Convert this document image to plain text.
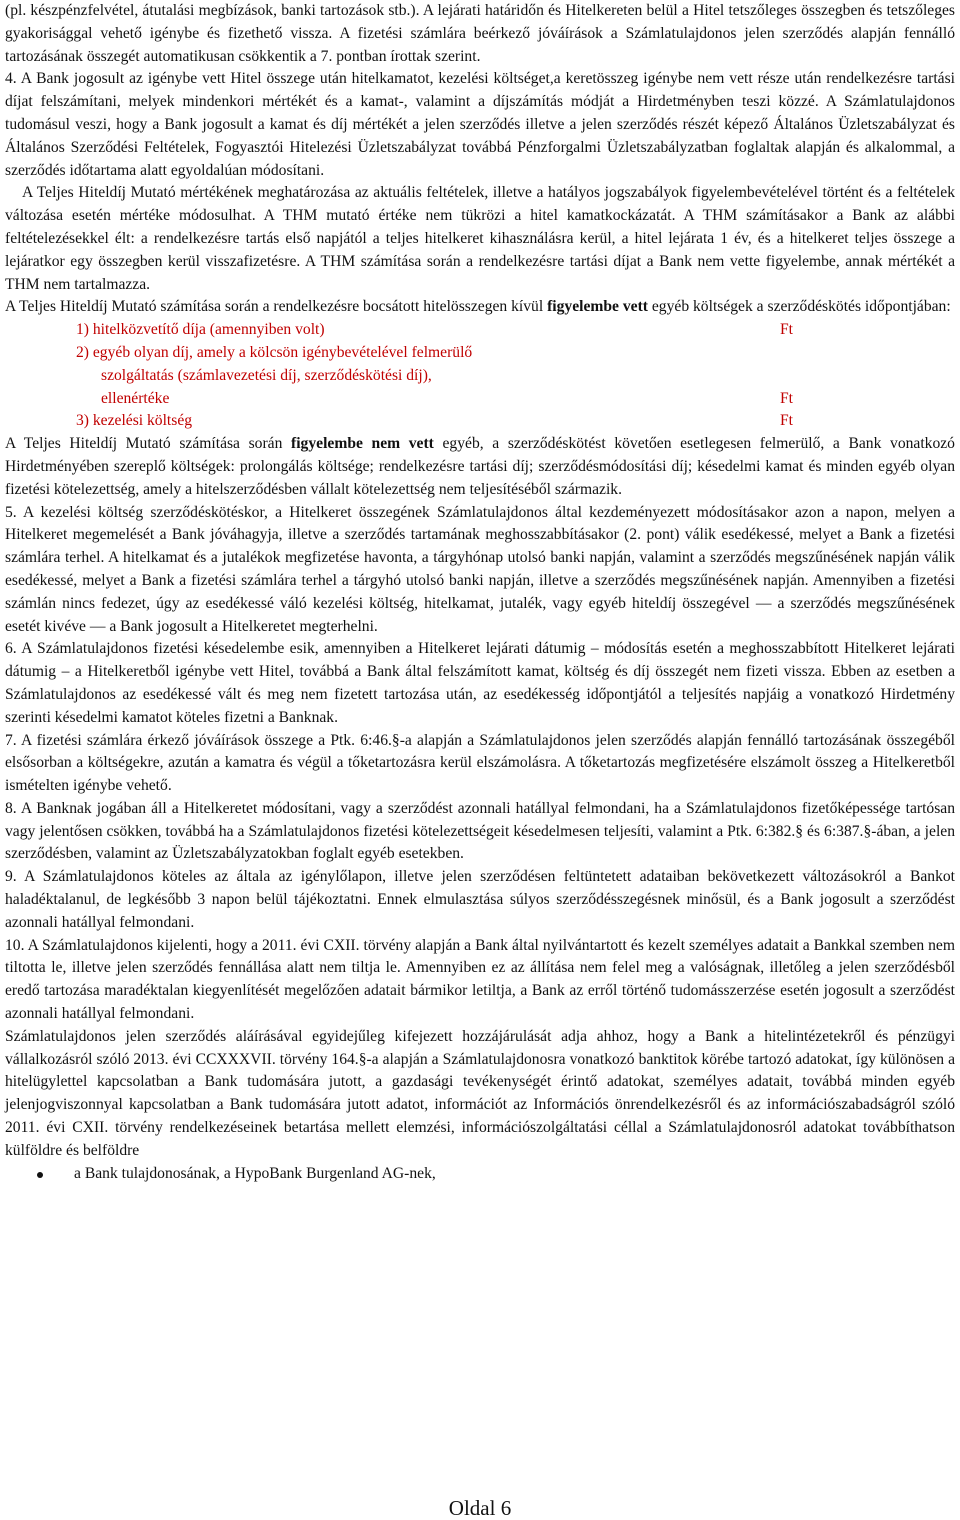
(pl. készpénzfelvétel, átutalási megbízások, banki tartozások stb.). A lejárati határidőn és Hitelkereten belül a Hitel tetszőleges összegben és tetszőleges gyakorisággal vehető igénybe és fizethető vissza. A fizetési számlára beérkező jóváírások a Számlatulajdonos jelen szerződés alapján fennálló tartozásának összegét automatikusan csökkentik a 7. pontban írottak szerint.

4. A Bank jogosult az igénybe vett Hitel összege után hitelkamatot, kezelési költséget,a keretösszeg igénybe nem vett része után rendelkezésre tartási díjat felszámítani, melyek mindenkori mértékét és a kamat-, valamint a díjszámítás módját a Hirdetményben teszi közzé. A Számlatulajdonos tudomásul veszi, hogy a Bank jogosult a kamat és díj mértékét a jelen szerződés illetve a jelen szerződés részét képező Általános Üzletszabályzat és Általános Szerződési Feltételek, Fogyasztói Hitelezési Üzletszabályzat továbbá Pénzforgalmi Üzletszabályzatban foglaltak alapján és alkalommal, a szerződés időtartama alatt egyoldalúan módosítani.

A Teljes Hiteldíj Mutató mértékének meghatározása az aktuális feltételek, illetve a hatályos jogszabályok figyelembevételével történt és a feltételek változása esetén mértéke módosulhat. A THM mutató értéke nem tükrözi a hitel kamatkockázatát. A THM számításakor a Bank az alábbi feltételezésekkel élt: a rendelkezésre tartás első napjától a teljes hitelkeret kihasználásra kerül, a hitel lejárata 1 év, és a hitelkeret teljes összege a lejáratkor egy összegben kerül visszafizetésre. A THM számítása során a rendelkezésre tartási díjat a Bank nem vette figyelembe, annak mértékét a THM nem tartalmazza.

A Teljes Hiteldíj Mutató számítása során a rendelkezésre bocsátott hitelösszegen kívül figyelembe vett egyéb költségek a szerződéskötés időpontjában:

1) hitelközvetítő díja (amennyiben volt)	Ft
2) egyéb olyan díj, amely a kölcsön igénybevételével felmerülő
szolgáltatás (számlavezetési díj, szerződéskötési díj),
ellenértéke	Ft
3) kezelési költség	Ft

A Teljes Hiteldíj Mutató számítása során figyelembe nem vett egyéb, a szerződéskötést követően esetlegesen felmerülő, a Bank vonatkozó Hirdetményében szereplő költségek: prolongálás költsége; rendelkezésre tartási díj; szerződésmódosítási díj; késedelmi kamat és minden egyéb olyan fizetési kötelezettség, amely a hitelszerződésben vállalt kötelezettség nem teljesítéséből származik.

5. A kezelési költség szerződéskötéskor, a Hitelkeret összegének Számlatulajdonos által kezdeményezett módosításakor azon a napon, melyen a Hitelkeret megemelését a Bank jóváhagyja, illetve a szerződés tartamának meghosszabbításakor (2. pont) válik esedékessé, melyet a Bank a fizetési számlára terhel. A hitelkamat és a jutalékok megfizetése havonta, a tárgyhónap utolsó banki napján, valamint a szerződés megszűnésének napján válik esedékessé, melyet a Bank a fizetési számlára terhel a tárgyhó utolsó banki napján, illetve a szerződés megszűnésének napján. Amennyiben a fizetési számlán nincs fedezet, úgy az esedékessé váló kezelési költség, hitelkamat, jutalék, vagy egyéb hiteldíj összegével — a szerződés megszűnésének esetét kivéve — a Bank jogosult a Hitelkeretet megterhelni.

6. A Számlatulajdonos fizetési késedelembe esik, amennyiben a Hitelkeret lejárati dátumig – módosítás esetén a meghosszabbított Hitelkeret lejárati dátumig – a Hitelkeretből igénybe vett Hitel, továbbá a Bank által felszámított kamat, költség és díj összegét nem fizeti vissza. Ebben az esetben a Számlatulajdonos az esedékessé vált és meg nem fizetett tartozása után, az esedékesség időpontjától a teljesítés napjáig a vonatkozó Hirdetmény szerinti késedelmi kamatot köteles fizetni a Banknak.

7. A fizetési számlára érkező jóváírások összege a Ptk. 6:46.§-a alapján a Számlatulajdonos jelen szerződés alapján fennálló tartozásának összegéből elsősorban a költségekre, azután a kamatra és végül a tőketartozásra kerül elszámolásra. A tőketartozás megfizetésére elszámolt összeg a Hitelkeretből ismételten igénybe vehető.

8. A Banknak jogában áll a Hitelkeretet módosítani, vagy a szerződést azonnali hatállyal felmondani, ha a Számlatulajdonos fizetőképessége tartósan vagy jelentősen csökken, továbbá ha a Számlatulajdonos fizetési kötelezettségeit késedelmesen teljesíti, valamint a Ptk. 6:382.§ és 6:387.§-ában, a jelen szerződésben, valamint az Üzletszabályzatokban foglalt egyéb esetekben.

9. A Számlatulajdonos köteles az általa az igénylőlapon, illetve jelen szerződésen feltüntetett adataiban bekövetkezett változásokról a Bankot haladéktalanul, de legkésőbb 3 napon belül tájékoztatni. Ennek elmulasztása súlyos szerződésszegésnek minősül, és a Bank jogosult a szerződést azonnali hatállyal felmondani.

10. A Számlatulajdonos kijelenti, hogy a 2011. évi CXII. törvény alapján a Bank által nyilvántartott és kezelt személyes adatait a Bankkal szemben nem tiltotta le, illetve jelen szerződés fennállása alatt nem tiltja le. Amennyiben ez az állítása nem felel meg a valóságnak, illetőleg a jelen szerződésből eredő tartozása maradéktalan kiegyenlítését megelőzően adatait bármikor letiltja, a Bank az erről történő tudomásszerzése esetén jogosult a szerződést azonnali hatállyal felmondani.

Számlatulajdonos jelen szerződés aláírásával egyidejűleg kifejezett hozzájárulását adja ahhoz, hogy a Bank a hitelintézetekről és pénzügyi vállalkozásról szóló 2013. évi CCXXXVII. törvény 164.§-a alapján a Számlatulajdonosra vonatkozó banktitok körébe tartozó adatokat, így különösen a hitelügylettel kapcsolatban a Bank tudomására jutott, a gazdasági tevékenységét érintő adatokat, személyes adatait, továbbá minden egyéb jelenjogviszonnyal kapcsolatban a Bank tudomására jutott adatot, információt az Információs önrendelkezésről és az információszabadságról szóló 2011. évi CXII. törvény rendelkezéseinek betartása mellett elemzési, információszolgáltatási céllal a Számlatulajdonosról adatokat továbbíthatson külföldre és belföldre

a Bank tulajdonosának, a HypoBank Burgenland AG-nek,
Oldal 6
